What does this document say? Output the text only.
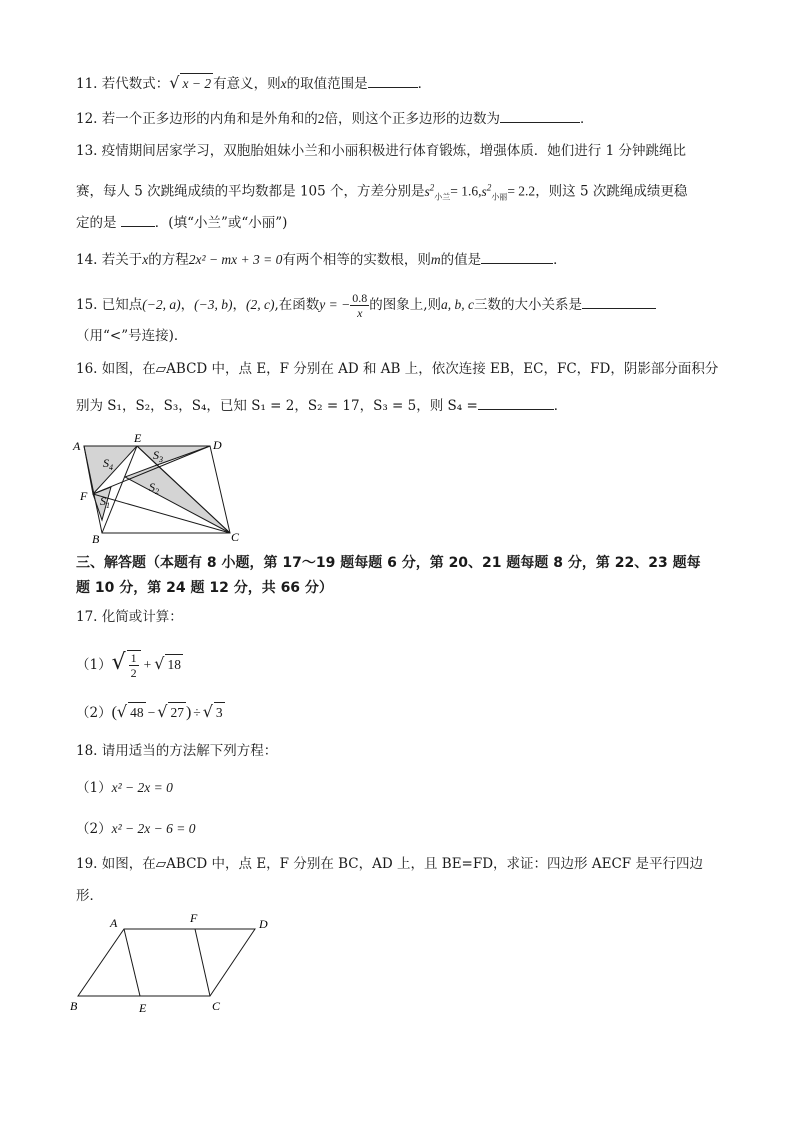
11. 若代数式：√ x − 2 有意义，则x的取值范围是	．
12. 若一个正多边形的内角和是外角和的2倍，则这个正多边形的边数为	．
13. 疫情期间居家学习，双胞胎姐妹小兰和小丽积极进行体育锻炼，增强体质．她们进行 1 分钟跳绳比
赛，每人 5 次跳绳成绩的平均数都是 105 个，方差分别是$s^2_{小兰}= 1.6,s^2_{小丽}= 2.2$，则这 5 次跳绳成绩更稳
定的是	．(填“小兰”或“小丽”)
14. 若关于x的方程2x² − mx + 3 = 0有两个相等的实数根，则m的值是	．
15. 已知点(−2, a)，(−3, b)，(2, c),在函数y = − $\frac{0.8}{x}$ 的图象上,则a, b, c三数的大小关系是
（用“<”号连接)．
16. 如图，在▱ABCD 中，点 E，F 分别在 AD 和 AB 上，依次连接 EB，EC，FC，FD，阴影部分面积分
别为 S₁，S₂，S₃，S₄，已知 S₁ = 2，S₂ = 17，S₃ = 5，则 S₄ =	．
A
E	D
F
B	C
$S_4$
$S_3$
$S_2$
$S_1$
三、解答题（本题有 8 小题，第 17～19 题每题 6 分，第 20、21 题每题 8 分，第 22、23 题每
题 10 分，第 24 题 12 分，共 66 分）
17. 化简或计算：
$(1)√ \frac{1}{2}$ + √ 18
（2）(√ 48 − √ 27 ) ÷ √ 3
18. 请用适当的方法解下列方程：
（1）x² − 2x = 0
（2）x² − 2x − 6 = 0
19. 如图，在▱ABCD 中，点 E，F 分别在 BC，AD 上，且 BE=FD，求证：四边形 AECF 是平行四边
形．
A	F	D
B	E	C
